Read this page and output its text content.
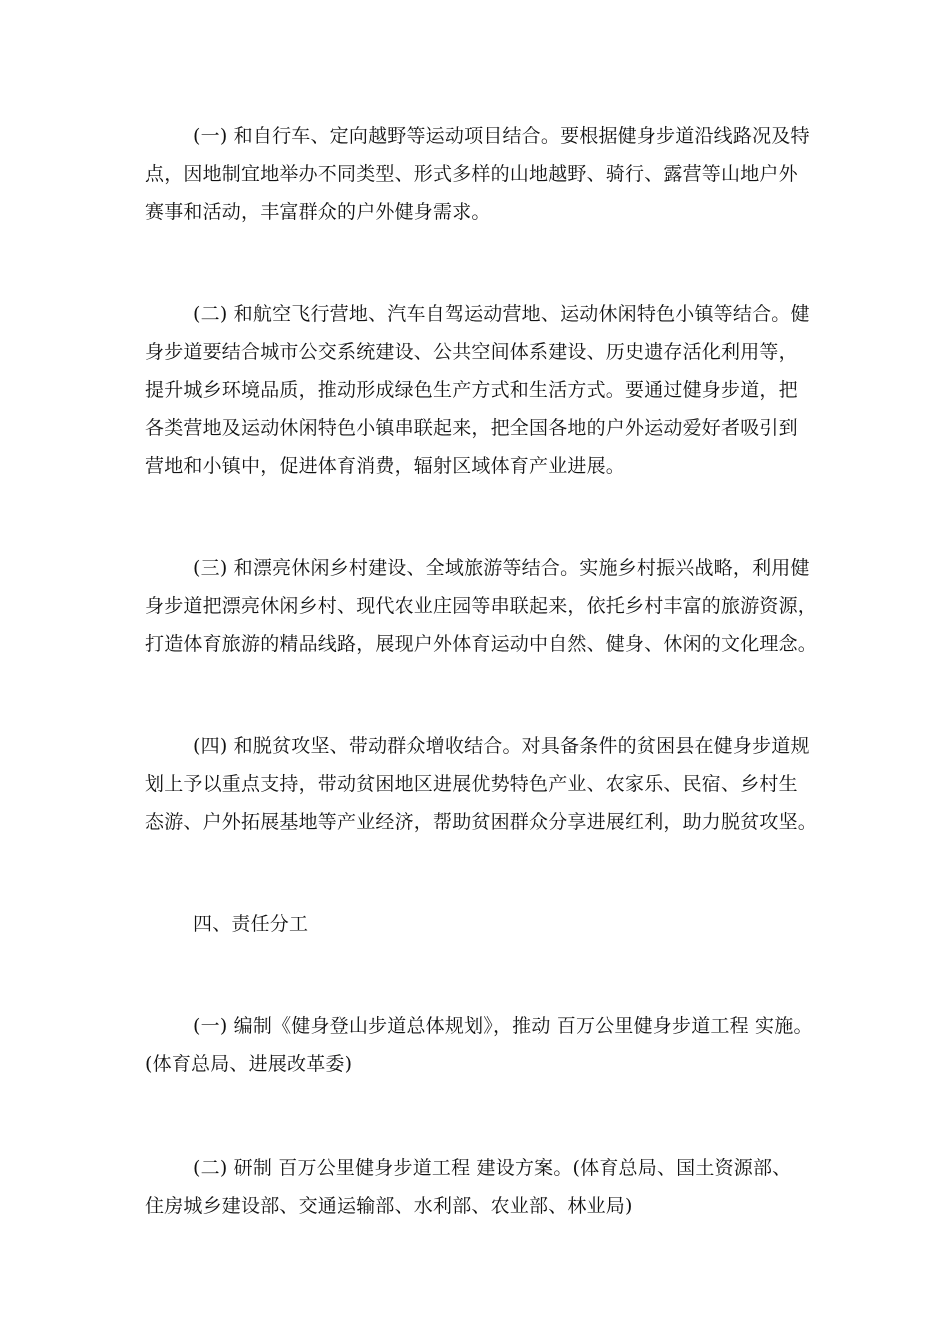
(一) 和自行车、定向越野等运动项目结合。要根据健身步道沿线路况及特
点，因地制宜地举办不同类型、形式多样的山地越野、骑行、露营等山地户外
赛事和活动，丰富群众的户外健身需求。
(二) 和航空飞行营地、汽车自驾运动营地、运动休闲特色小镇等结合。健
身步道要结合城市公交系统建设、公共空间体系建设、历史遗存活化利用等，
提升城乡环境品质，推动形成绿色生产方式和生活方式。要通过健身步道，把
各类营地及运动休闲特色小镇串联起来，把全国各地的户外运动爱好者吸引到
营地和小镇中，促进体育消费，辐射区域体育产业进展。
(三) 和漂亮休闲乡村建设、全域旅游等结合。实施乡村振兴战略，利用健
身步道把漂亮休闲乡村、现代农业庄园等串联起来，依托乡村丰富的旅游资源，
打造体育旅游的精品线路，展现户外体育运动中自然、健身、休闲的文化理念。
(四) 和脱贫攻坚、带动群众增收结合。对具备条件的贫困县在健身步道规
划上予以重点支持，带动贫困地区进展优势特色产业、农家乐、民宿、乡村生
态游、户外拓展基地等产业经济，帮助贫困群众分享进展红利，助力脱贫攻坚。
四、责任分工
(一) 编制《健身登山步道总体规划》，推动 百万公里健身步道工程 实施。
(体育总局、进展改革委)
(二) 研制 百万公里健身步道工程 建设方案。(体育总局、国土资源部、
住房城乡建设部、交通运输部、水利部、农业部、林业局)
